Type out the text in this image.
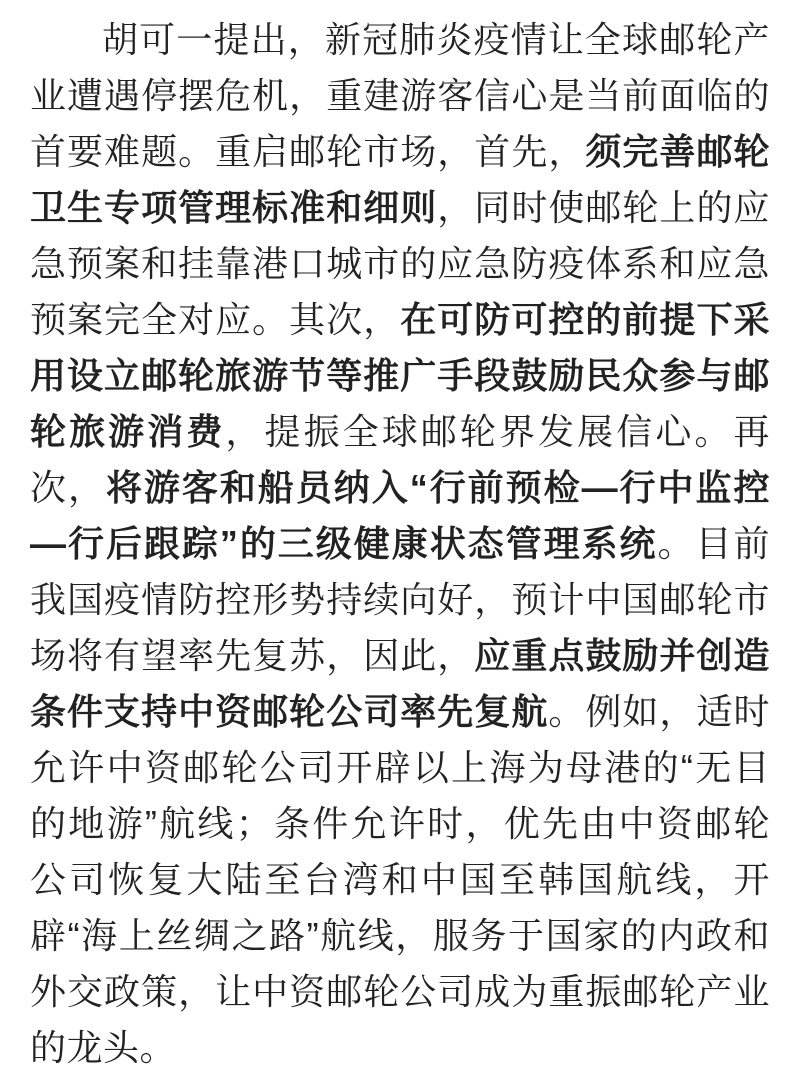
胡可一提出，新冠肺炎疫情让全球邮轮产业遭遇停摆危机，重建游客信心是当前面临的首要难题。重启邮轮市场，首先，须完善邮轮卫生专项管理标准和细则，同时使邮轮上的应急预案和挂靠港口城市的应急防疫体系和应急预案完全对应。其次，在可防可控的前提下采用设立邮轮旅游节等推广手段鼓励民众参与邮轮旅游消费，提振全球邮轮界发展信心。再次，将游客和船员纳入“行前预检—行中监控—行后跟踪”的三级健康状态管理系统。目前我国疫情防控形势持续向好，预计中国邮轮市场将有望率先复苏，因此，应重点鼓励并创造条件支持中资邮轮公司率先复航。例如，适时允许中资邮轮公司开辟以上海为母港的“无目的地游”航线；条件允许时，优先由中资邮轮公司恢复大陆至台湾和中国至韩国航线，开辟“海上丝绸之路”航线，服务于国家的内政和外交政策，让中资邮轮公司成为重振邮轮产业的龙头。
